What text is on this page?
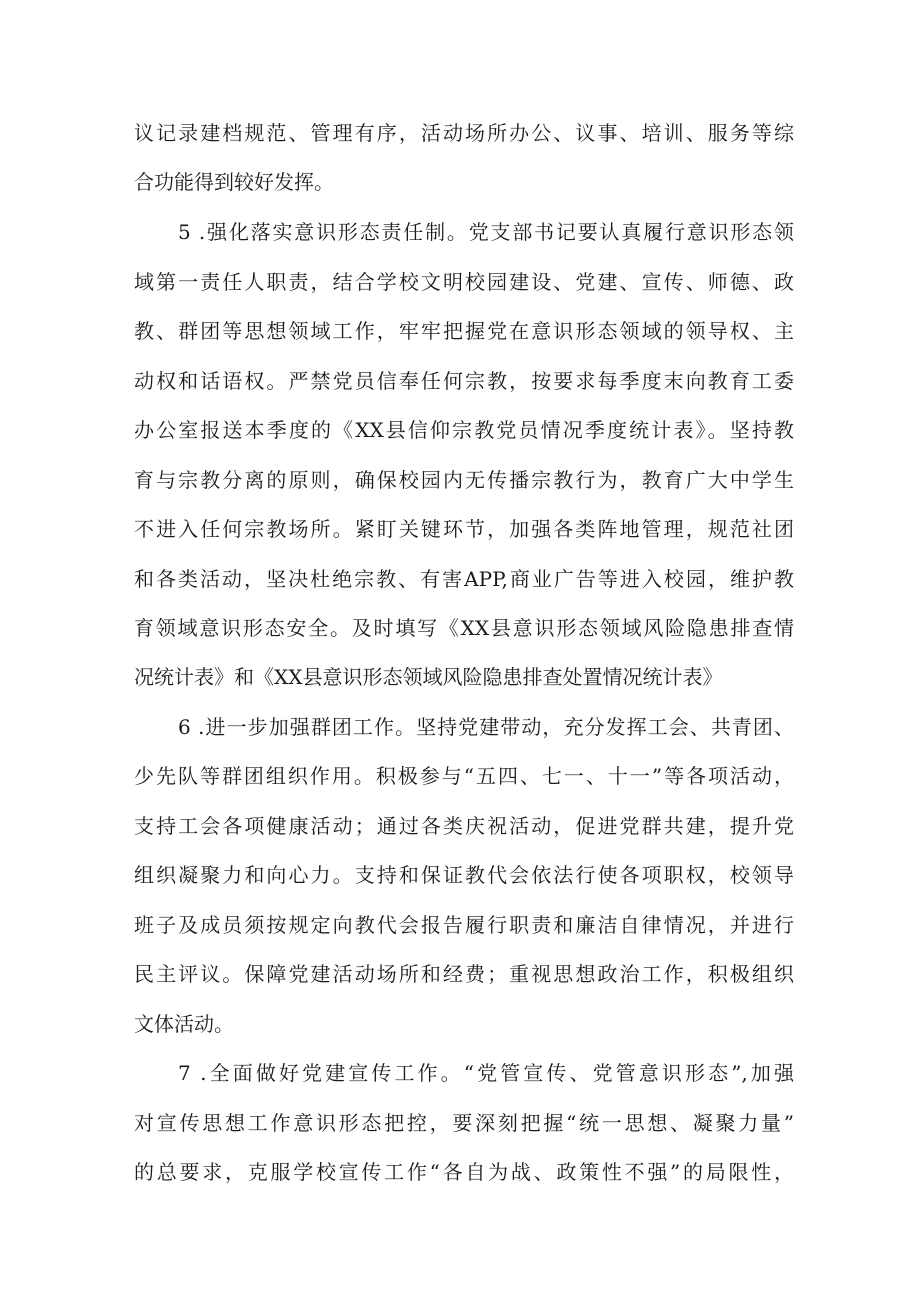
议记录建档规范、管理有序，活动场所办公、议事、培训、服务等综
合功能得到较好发挥。
5 .强化落实意识形态责任制。党支部书记要认真履行意识形态领
域第一责任人职责，结合学校文明校园建设、党建、宣传、师德、政
教、群团等思想领域工作，牢牢把握党在意识形态领域的领导权、主
动权和话语权。严禁党员信奉任何宗教，按要求每季度末向教育工委
办公室报送本季度的《XX县信仰宗教党员情况季度统计表》。坚持教
育与宗教分离的原则，确保校园内无传播宗教行为，教育广大中学生
不进入任何宗教场所。紧盯关键环节，加强各类阵地管理，规范社团
和各类活动，坚决杜绝宗教、有害APP,商业广告等进入校园，维护教
育领域意识形态安全。及时填写《XX县意识形态领域风险隐患排查情
况统计表》和《XX县意识形态领域风险隐患排查处置情况统计表》
6 .进一步加强群团工作。坚持党建带动，充分发挥工会、共青团、
少先队等群团组织作用。积极参与“五四、七一、十一”等各项活动，
支持工会各项健康活动；通过各类庆祝活动，促进党群共建，提升党
组织凝聚力和向心力。支持和保证教代会依法行使各项职权，校领导
班子及成员须按规定向教代会报告履行职责和廉洁自律情况，并进行
民主评议。保障党建活动场所和经费；重视思想政治工作，积极组织
文体活动。
7 .全面做好党建宣传工作。“党管宣传、党管意识形态”,加强
对宣传思想工作意识形态把控，要深刻把握“统一思想、凝聚力量”
的总要求，克服学校宣传工作“各自为战、政策性不强”的局限性，
